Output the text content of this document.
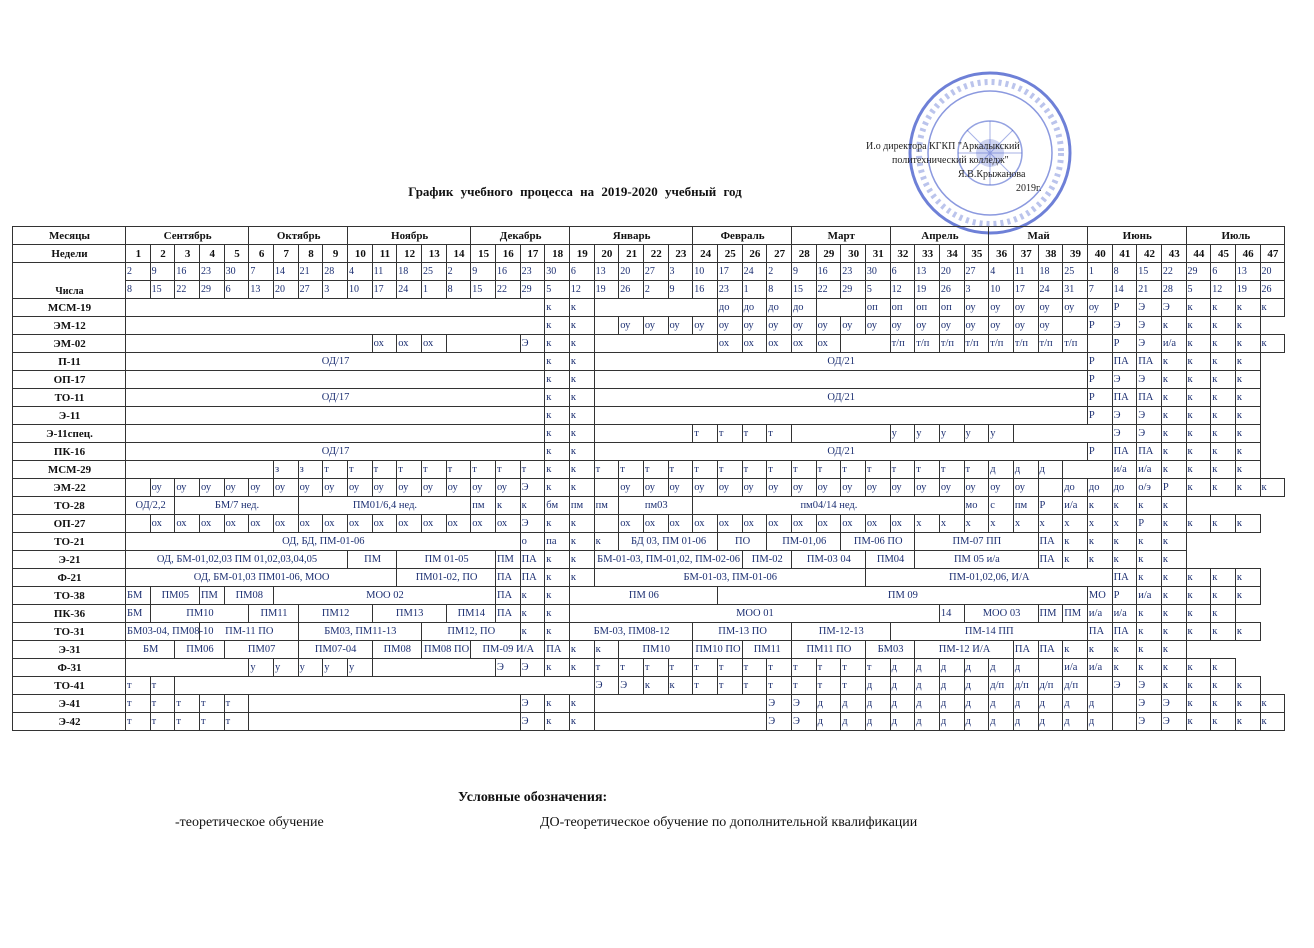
И.о директора КГКП "Аркалыкский
политехнический колледж"
Я.В.Крыжанова
2019г.
График учебного процесса на 2019-2020 учебный год
Месяцы	Сентябрь					Октябрь				Ноябрь					Декабрь				Январь					Февраль				Март				Апрель				Май				Июнь				Июль			
Недели	1	2	3	4	5	6	7	8	9	10	11	12	13	14	15	16	17	18	19	20	21	22	23	24	25	26	27	28	29	30	31	32	33	34	35	36	37	38	39	40	41	42	43	44	45	46	47
Числа	2	9	16	23	30	7	14	21	28	4	11	18	25	2	9	16	23	30	6	13	20	27	3	10	17	24	2	9	16	23	30	6	13	20	27	4	11	18	25	1	8	15	22	29	6	13	20
	8	15	22	29	6	13	20	27	3	10	17	24	1	8	15	22	29	5	12	19	26	2	9	16	23	1	8	15	22	29	5	12	19	26	3	10	17	24	31	7	14	21	28	5	12	19	26
МСМ-19																		к	к						до	до	до	до			оп	оп	оп	оп	оу	оу	оу	оу	оу	оу	Р	Э	Э	к	к	к	к
ЭМ-12																		к	к		оу	оу	оу	оу	оу	оу	оу	оу	оу	оу	оу	оу	оу	оу	оу	оу	оу	оу		Р	Э	Э	к	к	к	к	
ЭМ-02											ох	ох	ох				Э	к	к						ох	ох	ох	ох	ох			т/п	т/п	т/п	т/п	т/п	т/п	т/п	т/п		Р	Э	и/а	к	к	к	к
П-11	ОД/17																	к	к	ОД/21																				Р	ПА	ПА	к	к	к	к	
ОП-17																		к	к																					Р	Э	Э	к	к	к	к	
ТО-11	ОД/17																	к	к	ОД/21																				Р	ПА	ПА	к	к	к	к	
Э-11																		к	к																					Р	Э	Э	к	к	к	к	
Э-11спец.																		к	к					т	т	т	т					у	у	у	у	у					Э	Э	к	к	к	к	
ПК-16	ОД/17																	к	к	ОД/21																				Р	ПА	ПА	к	к	к	к	
МСМ-29							з	з	т	т	т	т	т	т	т	т	т	к	к	т	т	т	т	т	т	т	т	т	т	т	т	т	т	т	т	д	д	д			и/а	и/а	к	к	к	к	
ЭМ-22		оу	оу	оу	оу	оу	оу	оу	оу	оу	оу	оу	оу	оу	оу	оу	Э	к	к		оу	оу	оу	оу	оу	оу	оу	оу	оу	оу	оу	оу	оу	оу	оу	оу	оу		до	до	до	о/э	Р	к	к	к	к
ТО-28	ОД/2,2		БМ/7 нед.					ПМ01/6,4 нед.							пм	к	к	бм	пм	пм	пм03			пм04/14 нед.											мо	с	пм	Р	и/а	к	к	к	к				
ОП-27		ох	ох	ох	ох	ох	ох	ох	ох	ох	ох	ох	ох	ох	ох	ох	Э	к	к		ох	ох	ох	ох	ох	ох	ох	ох	ох	ох	ох	ох	х	х	х	х	х	х	х	х	х	Р	к	к	к	к	
ТО-21	ОД, БД, ПМ-01-06																о	па	к	к	БД 03, ПМ 01-06				ПО		ПМ-01,06			ПМ-06 ПО			ПМ-07 ПП					ПА	к	к	к	к	к				
Э-21	ОД, БМ-01,02,03 ПМ 01,02,03,04,05									ПМ		ПМ 01-05				ПМ	ПА	к	к	БМ-01-03, ПМ-01,02, ПМ-02-06						ПМ-02		ПМ-03 04			ПМ04		ПМ 05 и/а					ПА	к	к	к	к	к				
Ф-21	ОД, БМ-01,03 ПМ01-06, МОО											ПМ01-02, ПО				ПА	ПА	к	к	БМ-01-03, ПМ-01-06											ПМ-01,02,06, И/А										ПА	к	к	к	к	к	
ТО-38	БМ	ПМ05		ПМ	ПМ08		МОО 02									ПА	к	к	ПМ 06						ПМ 09															МО	Р	и/а	к	к	к	к	
ПК-36	БМ	ПМ10				ПМ11		ПМ12			ПМ13			ПМ14		ПА	к	к	МОО 01															14	МОО 03			ПМ	ПМ	и/а	и/а	к	к	к	к		
ТО-31	БМ03-04, ПМ08-10			ПМ-11 ПО				БМ03, ПМ11-13					ПМ12, ПО				к	к	БМ-03, ПМ08-12					ПМ-13 ПО				ПМ-12-13				ПМ-14 ПП								ПА	ПА	к	к	к	к	к	
Э-31	БМ		ПМ06		ПМ07			ПМ07-04			ПМ08		ПМ08 ПО		ПМ-09 И/А			ПА	к	к	ПМ10			ПМ10 ПО		ПМ11		ПМ11 ПО			БМ03		ПМ-12 И/А				ПА	ПА	к	к	к	к	к				
Ф-31						у	у	у	у	у						Э	Э	к	к	т	т	т	т	т	т	т	т	т	т	т	т	д	д	д	д	д	д		и/а	и/а	к	к	к	к	к		
ТО-41	т	т																		Э	Э	к	к	т	т	т	т	т	т	т	д	д	д	д	д	д/п	д/п	д/п	д/п		Э	Э	к	к	к	к	
Э-41	т	т	т	т	т												Э	к	к								Э	Э	д	д	д	д	д	д	д	д	д	д	д	д		Э	Э	к	к	к	к
Э-42	т	т	т	т	т												Э	к	к								Э	Э	д	д	д	д	д	д	д	д	д	д	д	д		Э	Э	к	к	к	к
Условные обозначения:
-теоретическое обучение	ДО-теоретическое обучение по дополнительной квалификации
